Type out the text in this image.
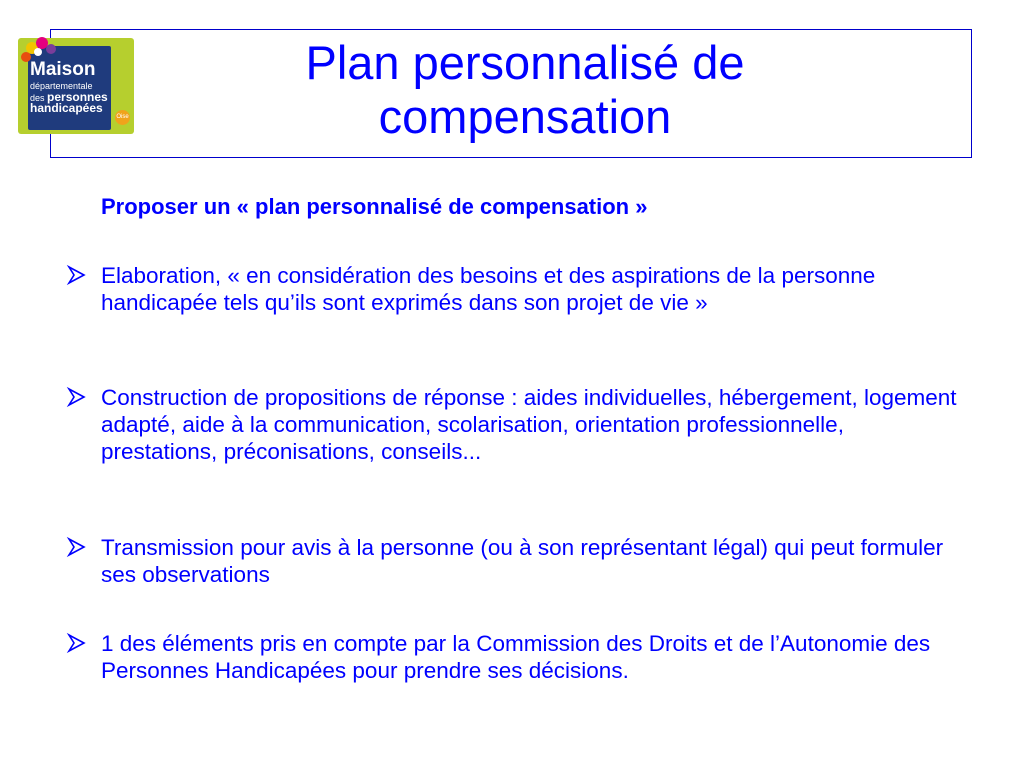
Maison
départementale
des personnes
handicapées
Oise
Plan personnalisé de
compensation
Proposer un « plan personnalisé de compensation »
Elaboration, « en considération des besoins et des aspirations de la personne handicapée tels qu’ils sont exprimés dans son projet de vie »
Construction de propositions de réponse : aides individuelles, hébergement, logement adapté, aide à la communication, scolarisation, orientation professionnelle, prestations, préconisations, conseils...
Transmission pour avis à la personne (ou à son représentant légal) qui peut formuler ses observations
1 des éléments pris en compte par la Commission des Droits et de l’Autonomie des Personnes Handicapées pour prendre ses décisions.
